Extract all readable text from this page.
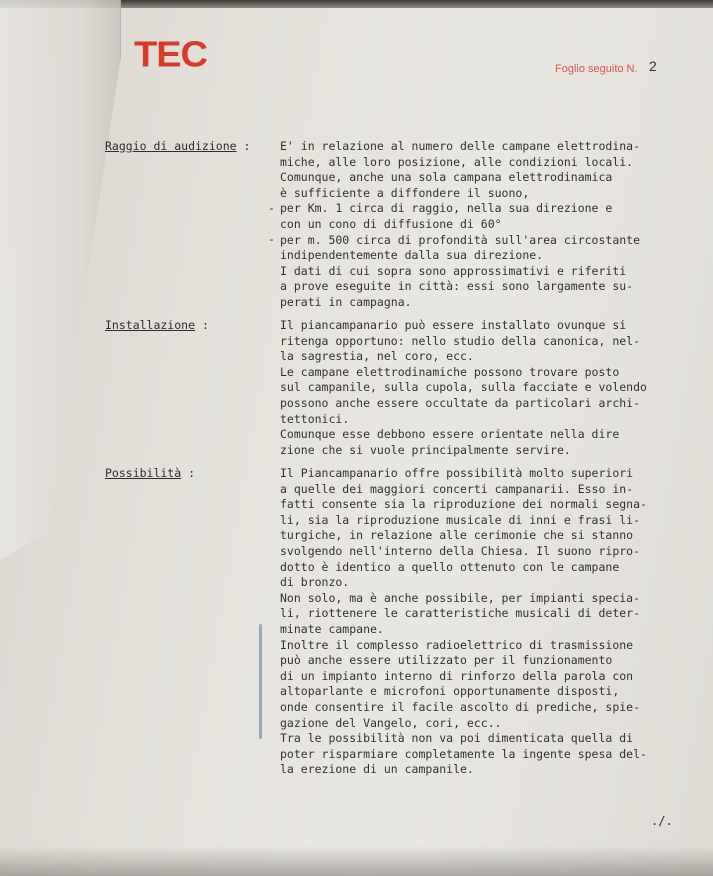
TEC	Foglio seguito N. 2
Raggio di audizione :	E' in relazione al numero delle campane elettrodina-
miche, alle loro posizione, alle condizioni locali.
Comunque, anche una sola campana elettrodinamica
è sufficiente a diffondere il suono,
per Km. 1 circa di raggio, nella sua direzione e
con un cono di diffusione di 60°
per m. 500 circa di profondità sull'area circostante
indipendentemente dalla sua direzione.
I dati di cui sopra sono approssimativi e riferiti
a prove eseguite in città: essi sono largamente su-
perati in campagna.
-
-
Installazione :	Il piancampanario può essere installato ovunque si
ritenga opportuno: nello studio della canonica, nel-
la sagrestia, nel coro, ecc.
Le campane elettrodinamiche possono trovare posto
sul campanile, sulla cupola, sulla facciate e volendo
possono anche essere occultate da particolari archi-
tettonici.
Comunque esse debbono essere orientate nella dire
zione che si vuole principalmente servire.
Possibilità :	Il Piancampanario offre possibilità molto superiori
a quelle dei maggiori concerti campanarii. Esso in-
fatti consente sia la riproduzione dei normali segna-
li, sia la riproduzione musicale di inni e frasi li-
turgiche, in relazione alle cerimonie che si stanno
svolgendo nell'interno della Chiesa. Il suono ripro-
dotto è identico a quello ottenuto con le campane
di bronzo.
Non solo, ma è anche possibile, per impianti specia-
li, riottenere le caratteristiche musicali di deter-
minate campane.
Inoltre il complesso radioelettrico di trasmissione
può anche essere utilizzato per il funzionamento
di un impianto interno di rinforzo della parola con
altoparlante e microfoni opportunamente disposti,
onde consentire il facile ascolto di prediche, spie-
gazione del Vangelo, cori, ecc..
Tra le possibilità non va poi dimenticata quella di
poter risparmiare completamente la ingente spesa del-
la erezione di un campanile.
./.
